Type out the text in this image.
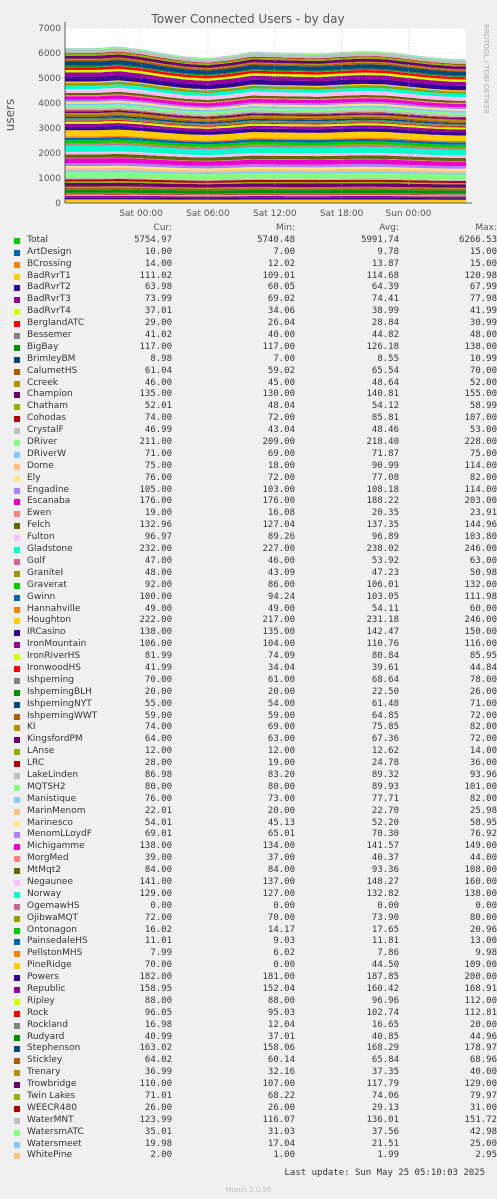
Tower Connected Users - by day
users
RRDTOOL / TOBI OETIKER
0
1000
2000
3000
4000
5000
6000
7000
Sat 00:00	Sat 06:00	Sat 12:00	Sat 18:00 Sun 00:00
Cur:	Min:	Avg:	Max:
Total	5754.97	5740.48	5991.74	6266.53
ArtDesign	10.00	7.00	9.78	15.00
BCrossing	14.00	12.02	13.87	15.00
BadRvrT1	111.02	109.01	114.68	120.98
BadRvrT2	63.98	60.05	64.39	67.99
BadRvrT3	73.99	69.02	74.41	77.98
BadRvrT4	37.01	34.06	38.99	41.99
BerglandATC	29.00	26.04	28.84	30.99
Bessemer	41.02	40.00	44.82	48.00
BigBay	117.00	117.00	126.18	138.00
BrimleyBM	8.98	7.00	8.55	10.99
CalumetHS	61.04	59.02	65.54	70.00
Ccreek	46.00	45.00	48.64	52.00
Champion	135.00	130.00	140.81	155.00
Chatham	52.01	48.04	54.12	58.99
Cohodas	74.00	72.00	85.81	107.00
CrystalF	46.99	43.04	48.46	53.00
DRiver	211.00	209.00	218.40	228.00
DRiverW	71.00	69.00	71.87	75.00
Dome	75.00	18.00	90.99	114.00
Ely	76.00	72.00	77.08	82.00
Engadine	105.00	103.00	108.18	114.00
Escanaba	176.00	176.00	188.22	203.00
Ewen	19.00	16.08	20.35	23.91
Felch	132.96	127.04	137.35	144.96
Fulton	96.97	89.26	96.89	103.80
Gladstone	232.00	227.00	238.02	246.00
Golf	47.00	46.00	53.92	63.00
GraniteI	48.00	43.09	47.23	50.98
Graverat	92.00	86.00	106.01	132.00
Gwinn	100.00	94.24	103.05	111.98
Hannahville	49.00	49.00	54.11	60.00
Houghton	222.00	217.00	231.18	246.00
IRCasino	138.00	135.00	142.47	150.00
IronMountain	106.00	104.00	110.76	116.00
IronRiverHS	81.99	74.09	80.84	85.95
IronwoodHS	41.99	34.04	39.61	44.84
Ishpeming	70.00	61.00	68.64	78.00
IshpemingBLH	20.00	20.00	22.50	26.00
IshpemingNYT	55.00	54.00	61.48	71.00
IshpemingWWT	59.00	59.00	64.85	72.00
KI	74.00	69.00	75.85	82.00
KingsfordPM	64.00	63.00	67.36	72.00
LAnse	12.00	12.00	12.62	14.00
LRC	28.00	19.00	24.78	36.00
LakeLinden	86.98	83.20	89.32	93.96
MQTSH2	80.00	80.00	89.93	101.00
Manistique	76.00	73.00	77.71	82.00
MarinMenom	22.01	20.00	22.70	25.98
Marinesco	54.01	45.13	52.20	58.95
MenomLLoydF	69.01	65.01	70.30	76.92
Michigamme	138.00	134.00	141.57	149.00
MorgMed	39.00	37.00	40.37	44.00
MtMqt2	84.00	84.00	93.36	108.00
Negaunee	141.00	137.00	148.27	160.00
Norway	129.00	127.00	132.82	138.00
OgemawHS	0.00	0.00	0.00	0.00
OjibwaMQT	72.00	70.00	73.90	80.00
Ontonagon	16.02	14.17	17.65	20.96
PainsedaleHS	11.01	9.03	11.81	13.00
PellstonMHS	7.99	6.02	7.86	9.98
PineRidge	70.00	0.00	44.50	109.00
Powers	182.00	181.00	187.85	200.00
Republic	158.95	152.04	160.42	168.91
Ripley	88.00	88.00	96.96	112.00
Rock	96.05	95.03	102.74	112.81
Rockland	16.98	12.04	16.65	20.00
Rudyard	40.99	37.01	40.85	44.96
Stephenson	163.02	158.06	168.29	178.97
Stickley	64.02	60.14	65.84	68.96
Trenary	36.99	32.16	37.35	40.00
Trowbridge	110.00	107.00	117.79	129.00
Twin Lakes	71.01	68.22	74.06	79.97
WEECR480	26.00	26.00	29.13	31.00
WaterMNT	123.99	116.07	136.01	151.72
WatersmATC	35.01	31.03	37.56	42.98
Watersmeet	19.98	17.04	21.51	25.00
WhitePine	2.00	1.00	1.99	2.95
Last update: Sun May 25 05:10:03 2025
Munin 2.0.56
